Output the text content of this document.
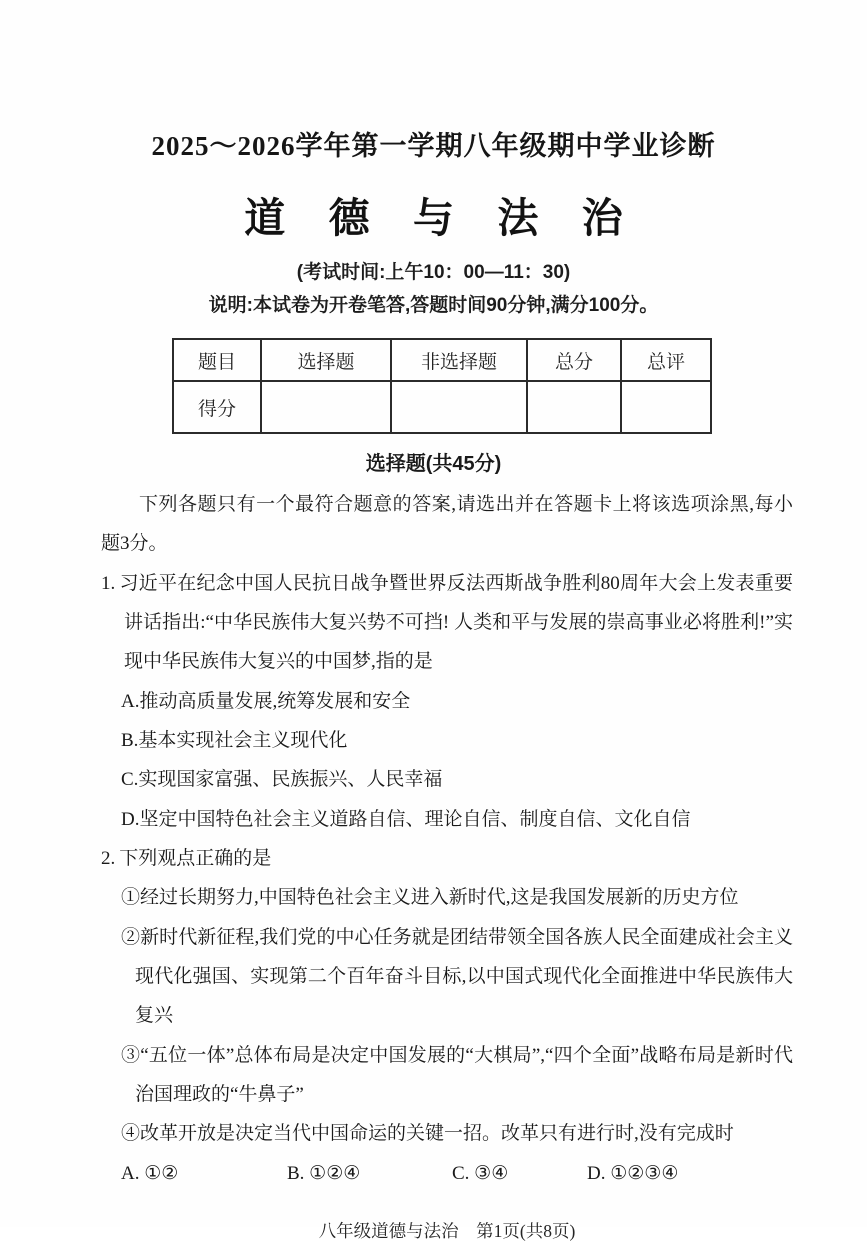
2025～2026学年第一学期八年级期中学业诊断
道 德 与 法 治
(考试时间:上午10：00—11：30)
说明:本试卷为开卷笔答,答题时间90分钟,满分100分。
题目	选择题	非选择题	总分	总评
得分				
选择题(共45分)
下列各题只有一个最符合题意的答案,请选出并在答题卡上将该选项涂黑,每小题3分。

1. 习近平在纪念中国人民抗日战争暨世界反法西斯战争胜利80周年大会上发表重要讲话指出:“中华民族伟大复兴势不可挡! 人类和平与发展的崇高事业必将胜利!”实现中华民族伟大复兴的中国梦,指的是

A.推动高质量发展,统筹发展和安全

B.基本实现社会主义现代化

C.实现国家富强、民族振兴、人民幸福

D.坚定中国特色社会主义道路自信、理论自信、制度自信、文化自信

2. 下列观点正确的是

①经过长期努力,中国特色社会主义进入新时代,这是我国发展新的历史方位

②新时代新征程,我们党的中心任务就是团结带领全国各族人民全面建成社会主义现代化强国、实现第二个百年奋斗目标,以中国式现代化全面推进中华民族伟大复兴

③“五位一体”总体布局是决定中国发展的“大棋局”,“四个全面”战略布局是新时代治国理政的“牛鼻子”

④改革开放是决定当代中国命运的关键一招。改革只有进行时,没有完成时

A. ①②	B. ①②④	C. ③④	D. ①②③④
八年级道德与法治　第1页(共8页)
